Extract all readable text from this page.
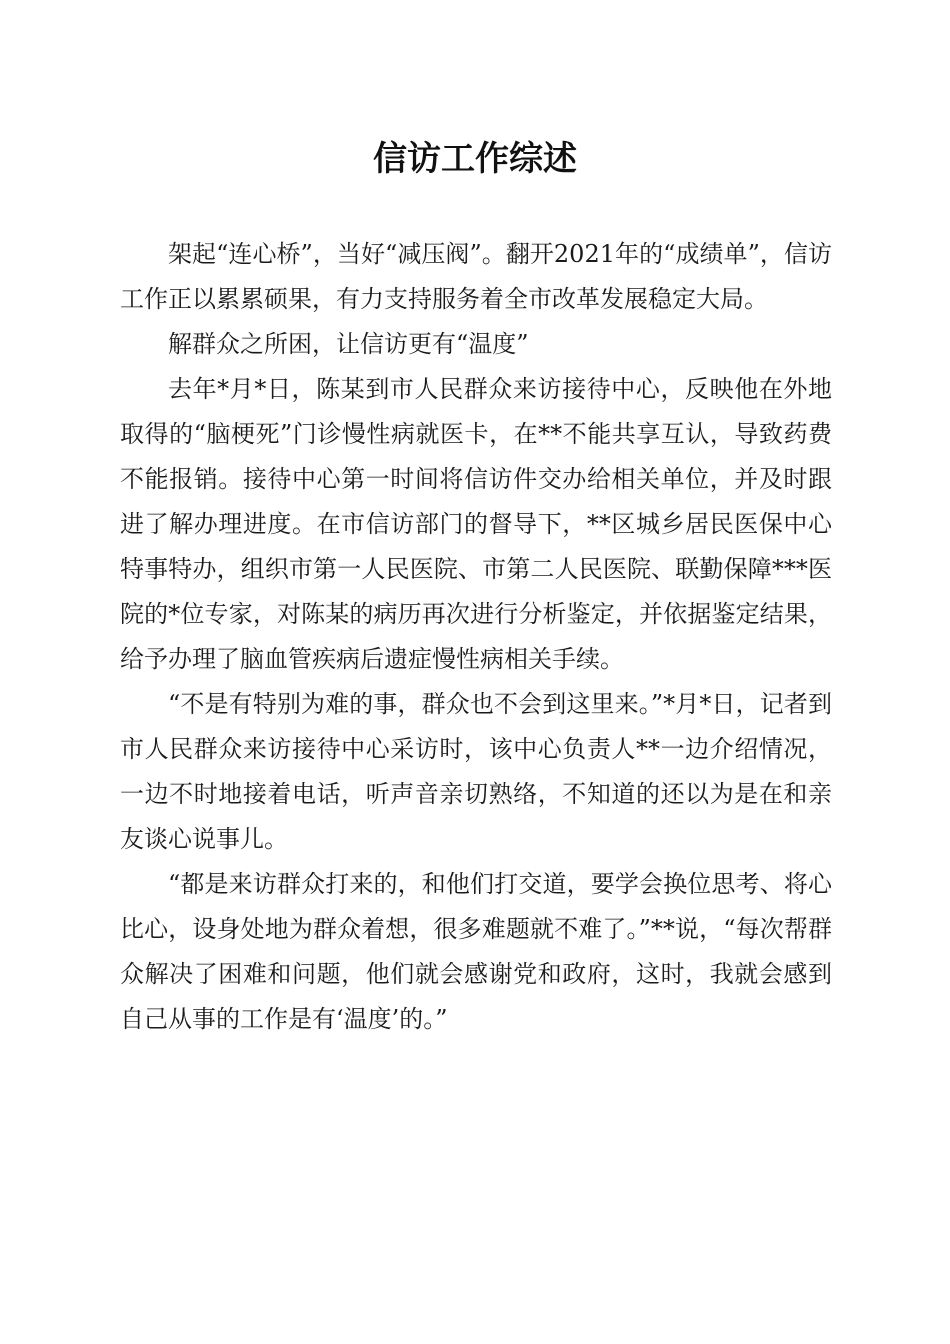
信访工作综述

架起“连心桥”，当好“减压阀”。翻开2021年的“成绩单”，信访工作正以累累硕果，有力支持服务着全市改革发展稳定大局。

解群众之所困，让信访更有“温度”

去年*月*日，陈某到市人民群众来访接待中心，反映他在外地取得的“脑梗死”门诊慢性病就医卡，在**不能共享互认，导致药费不能报销。接待中心第一时间将信访件交办给相关单位，并及时跟进了解办理进度。在市信访部门的督导下，**区城乡居民医保中心特事特办，组织市第一人民医院、市第二人民医院、联勤保障***医院的*位专家，对陈某的病历再次进行分析鉴定，并依据鉴定结果，给予办理了脑血管疾病后遗症慢性病相关手续。

“不是有特别为难的事，群众也不会到这里来。”*月*日，记者到市人民群众来访接待中心采访时，该中心负责人**一边介绍情况，一边不时地接着电话，听声音亲切熟络，不知道的还以为是在和亲友谈心说事儿。

“都是来访群众打来的，和他们打交道，要学会换位思考、将心比心，设身处地为群众着想，很多难题就不难了。”**说，“每次帮群众解决了困难和问题，他们就会感谢党和政府，这时，我就会感到自己从事的工作是有‘温度’的。”
